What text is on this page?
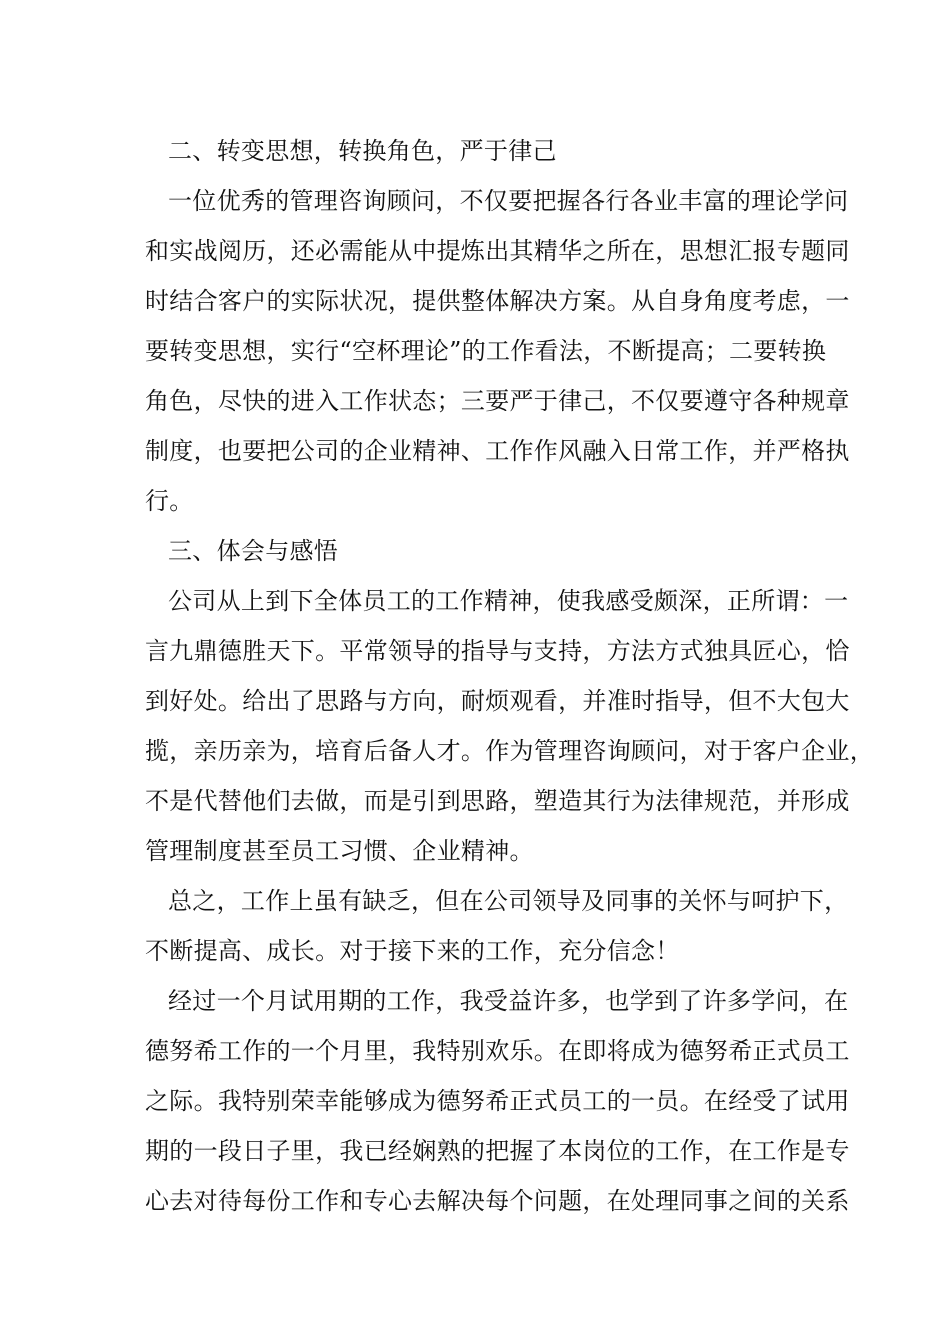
二、转变思想，转换角色，严于律己
一位优秀的管理咨询顾问，不仅要把握各行各业丰富的理论学问
和实战阅历，还必需能从中提炼出其精华之所在，思想汇报专题同
时结合客户的实际状况，提供整体解决方案。从自身角度考虑，一
要转变思想，实行“空杯理论”的工作看法，不断提高；二要转换
角色，尽快的进入工作状态；三要严于律己，不仅要遵守各种规章
制度，也要把公司的企业精神、工作作风融入日常工作，并严格执
行。
三、体会与感悟
公司从上到下全体员工的工作精神，使我感受颇深，正所谓：一
言九鼎德胜天下。平常领导的指导与支持，方法方式独具匠心，恰
到好处。给出了思路与方向，耐烦观看，并准时指导，但不大包大
揽，亲历亲为，培育后备人才。作为管理咨询顾问，对于客户企业，
不是代替他们去做，而是引到思路，塑造其行为法律规范，并形成
管理制度甚至员工习惯、企业精神。
总之，工作上虽有缺乏，但在公司领导及同事的关怀与呵护下，
不断提高、成长。对于接下来的工作，充分信念！
经过一个月试用期的工作，我受益许多，也学到了许多学问，在
德努希工作的一个月里，我特别欢乐。在即将成为德努希正式员工
之际。我特别荣幸能够成为德努希正式员工的一员。在经受了试用
期的一段日子里，我已经娴熟的把握了本岗位的工作，在工作是专
心去对待每份工作和专心去解决每个问题，在处理同事之间的关系
